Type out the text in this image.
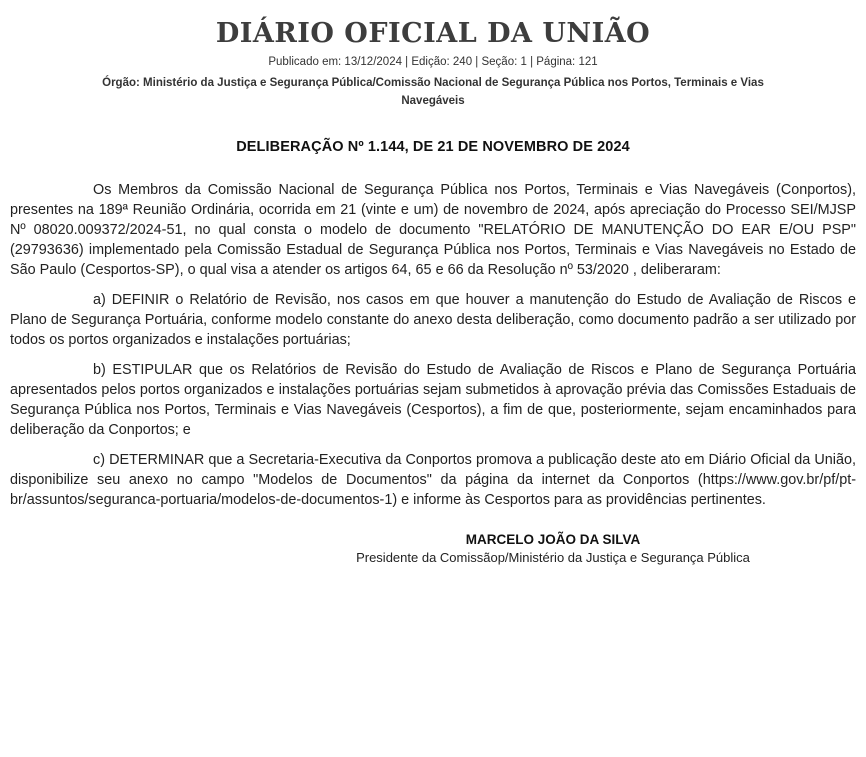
DIÁRIO OFICIAL DA UNIÃO
Publicado em: 13/12/2024 | Edição: 240 | Seção: 1 | Página: 121
Órgão: Ministério da Justiça e Segurança Pública/Comissão Nacional de Segurança Pública nos Portos, Terminais e Vias Navegáveis
DELIBERAÇÃO Nº 1.144, DE 21 DE NOVEMBRO DE 2024

Os Membros da Comissão Nacional de Segurança Pública nos Portos, Terminais e Vias Navegáveis (Conportos), presentes na 189ª Reunião Ordinária, ocorrida em 21 (vinte e um) de novembro de 2024, após apreciação do Processo SEI/MJSP Nº 08020.009372/2024-51, no qual consta o modelo de documento "RELATÓRIO DE MANUTENÇÃO DO EAR E/OU PSP" (29793636) implementado pela Comissão Estadual de Segurança Pública nos Portos, Terminais e Vias Navegáveis no Estado de São Paulo (Cesportos-SP), o qual visa a atender os artigos 64, 65 e 66 da Resolução nº 53/2020 , deliberaram:

a) DEFINIR o Relatório de Revisão, nos casos em que houver a manutenção do Estudo de Avaliação de Riscos e Plano de Segurança Portuária, conforme modelo constante do anexo desta deliberação, como documento padrão a ser utilizado por todos os portos organizados e instalações portuárias;

b) ESTIPULAR que os Relatórios de Revisão do Estudo de Avaliação de Riscos e Plano de Segurança Portuária apresentados pelos portos organizados e instalações portuárias sejam submetidos à aprovação prévia das Comissões Estaduais de Segurança Pública nos Portos, Terminais e Vias Navegáveis (Cesportos), a fim de que, posteriormente, sejam encaminhados para deliberação da Conportos; e

c) DETERMINAR que a Secretaria-Executiva da Conportos promova a publicação deste ato em Diário Oficial da União, disponibilize seu anexo no campo "Modelos de Documentos" da página da internet da Conportos (https://www.gov.br/pf/pt-br/assuntos/seguranca-portuaria/modelos-de-documentos-1) e informe às Cesportos para as providências pertinentes.

MARCELO JOÃO DA SILVA
Presidente da Comissãop/Ministério da Justiça e Segurança Pública
